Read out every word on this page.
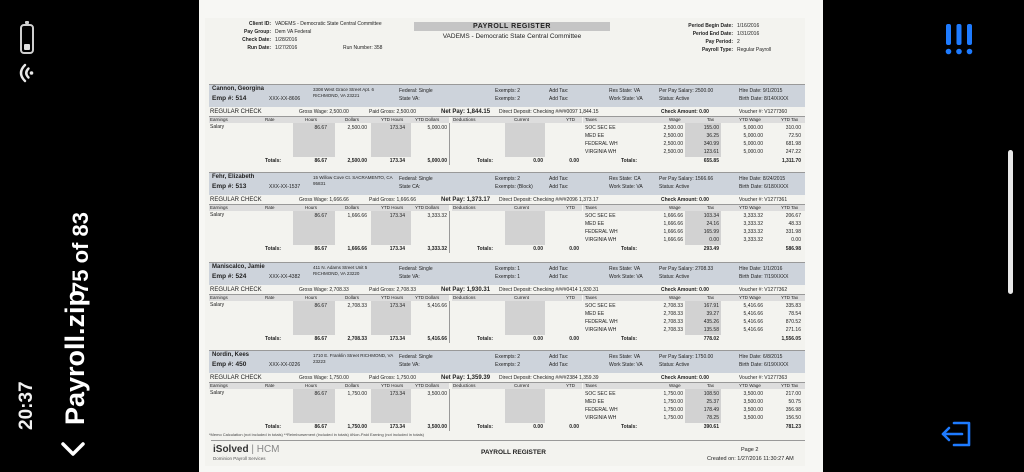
75 of 83
Payroll.zip
20:37
Client ID: VADEMS - Democratic State Central Committee
Pay Group: Dem VA Federal
Check Date: 1/28/2016
Run Date: 1/27/2016	Run Number: 358
PAYROLL REGISTER
VADEMS - Democratic State Central Committee
Period Begin Date: 1/16/2016
Period End Date: 1/31/2016
Pay Period: 2
Payroll Type: Regular Payroll
Cannon, Georgina
Emp #: 514	XXX-XX-8606
3308 West Grace Street Apt. 6 RICHMOND, VA 23221
Federal: Single
State VA:
Exempts: 2
Exempts: 2
Add Tax:
Add Tax:
Res State: VA
Work State: VA
Per Pay Salary: 2500.00
Status: Active
Hire Date: 9/1/2015
Birth Date: 8/14/XXXX
REGULAR CHECK	Gross Wage: 2,500.00	Paid Gross: 2,500.00	Net Pay: 1,844.15 Direct Deposit: Checking ####0097 1,844.15	Check Amount: 0.00	Voucher #: V1277360
Earnings	Rate	Hours	Dollars	YTD Hours	YTD Dollars	Deductions	Current	YTD Taxes	Wage	Tax	YTD Wage	YTD Tax
Salary	86.67	2,500.00	173.34	5,000.00	SOC SEC EE	2,500.00	155.00	5,000.00	310.00
MED EE	2,500.00	36.25	5,000.00	72.50
FEDERAL WH	2,500.00	340.99	5,000.00	681.98
VIRGINIA WH	2,500.00	123.61	5,000.00	247.22
Totals:	86.67	2,500.00	173.34	5,000.00	Totals:	0.00	0.00	Totals:	655.85	1,311.70
Fehr, Elizabeth
Emp #: 513	XXX-XX-1537
15 Willow Cove Ct. SACRAMENTO, CA 95831
Federal: Single
State CA:
Exempts: 2
Exempts: (Block)
Add Tax:
Add Tax:
Res State: CA
Work State: VA
Per Pay Salary: 1566.66
Status: Active
Hire Date: 8/24/2015
Birth Date: 6/18/XXXX
REGULAR CHECK	Gross Wage: 1,666.66	Paid Gross: 1,666.66	Net Pay: 1,373.17 Direct Deposit: Checking ####2096 1,373.17	Check Amount: 0.00	Voucher #: V1277361
Earnings	Rate	Hours	Dollars	YTD Hours	YTD Dollars	Deductions	Current	YTD Taxes	Wage	Tax	YTD Wage	YTD Tax
Salary	86.67	1,666.66	173.34	3,333.32	SOC SEC EE	1,666.66	103.34	3,333.32	206.67
MED EE	1,666.66	24.16	3,333.32	48.33
FEDERAL WH	1,666.66	165.99	3,333.32	331.98
VIRGINIA WH	1,666.66	0.00	3,333.32	0.00
Totals:	86.67	1,666.66	173.34	3,333.32	Totals:	0.00	0.00	Totals:	293.49	586.98
Maniscalco, Jamie
Emp #: 524	XXX-XX-4382
411 N. Adams Street Unit 5 RICHMOND, VA 23220
Federal: Single
State VA:
Exempts: 1
Exempts: 1
Add Tax:
Add Tax:
Res State: VA
Work State: VA
Per Pay Salary: 2708.33
Status: Active
Hire Date: 1/1/2016
Birth Date: 7/19/XXXX
REGULAR CHECK	Gross Wage: 2,708.33	Paid Gross: 2,708.33	Net Pay: 1,930.31 Direct Deposit: Checking ####0414 1,930.31	Check Amount: 0.00	Voucher #: V1277362
Earnings	Rate	Hours	Dollars	YTD Hours	YTD Dollars	Deductions	Current	YTD Taxes	Wage	Tax	YTD Wage	YTD Tax
Salary	86.67	2,708.33	173.34	5,416.66	SOC SEC EE	2,708.33	167.91	5,416.66	335.83
MED EE	2,708.33	39.27	5,416.66	78.54
FEDERAL WH	2,708.33	435.26	5,416.66	870.52
VIRGINIA WH	2,708.33	135.58	5,416.66	271.16
Totals:	86.67	2,708.33	173.34	5,416.66	Totals:	0.00	0.00	Totals:	778.02	1,556.05
Nordin, Kees
Emp #: 450	XXX-XX-0226
1710 E. Franklin Street RICHMOND, VA 23223
Federal: Single
State VA:
Exempts: 2
Exempts: 2
Add Tax:
Add Tax:
Res State: VA
Work State: VA
Per Pay Salary: 1750.00
Status: Active
Hire Date: 6/8/2015
Birth Date: 6/19/XXXX
REGULAR CHECK	Gross Wage: 1,750.00	Paid Gross: 1,750.00	Net Pay: 1,359.39 Direct Deposit: Checking ####2384 1,359.39	Check Amount: 0.00	Voucher #: V1277363
Earnings	Rate	Hours	Dollars	YTD Hours	YTD Dollars	Deductions	Current	YTD Taxes	Wage	Tax	YTD Wage	YTD Tax
Salary	86.67	1,750.00	173.34	3,500.00	SOC SEC EE	1,750.00	108.50	3,500.00	217.00
MED EE	1,750.00	25.37	3,500.00	50.75
FEDERAL WH	1,750.00	178.49	3,500.00	356.98
VIRGINIA WH	1,750.00	78.25	3,500.00	156.50
Totals:	86.67	1,750.00	173.34	3,500.00	Totals:	0.00	0.00	Totals:	390.61	781.23
*Memo Calculation (not included in totals) **Reimbursement (included in totals) #Non-Paid Earning (not included in totals)
iSolved | HCM
Dominion Payroll Services
PAYROLL REGISTER	Page 2
Created on: 1/27/2016 11:30:27 AM
